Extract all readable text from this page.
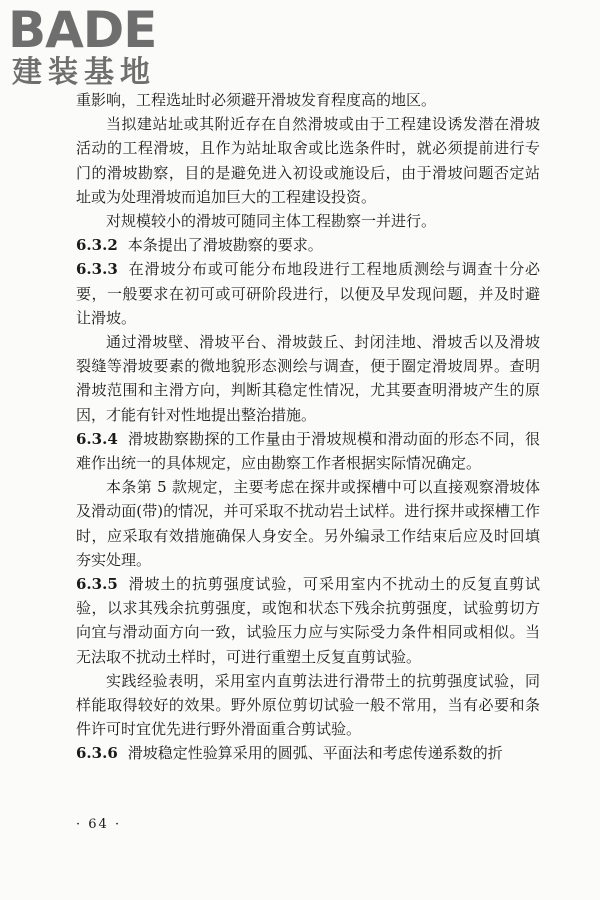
BADE
建装基地

重影响，工程选址时必须避开滑坡发育程度高的地区。

当拟建站址或其附近存在自然滑坡或由于工程建设诱发潜在滑坡活动的工程滑坡，且作为站址取舍或比选条件时，就必须提前进行专门的滑坡勘察，目的是避免进入初设或施设后，由于滑坡问题否定站址或为处理滑坡而追加巨大的工程建设投资。

对规模较小的滑坡可随同主体工程勘察一并进行。

6.3.2 本条提出了滑坡勘察的要求。

6.3.3 在滑坡分布或可能分布地段进行工程地质测绘与调查十分必要，一般要求在初可或可研阶段进行，以便及早发现问题，并及时避让滑坡。

通过滑坡壁、滑坡平台、滑坡鼓丘、封闭洼地、滑坡舌以及滑坡裂缝等滑坡要素的微地貌形态测绘与调查，便于圈定滑坡周界。查明滑坡范围和主滑方向，判断其稳定性情况，尤其要查明滑坡产生的原因，才能有针对性地提出整治措施。

6.3.4 滑坡勘察勘探的工作量由于滑坡规模和滑动面的形态不同，很难作出统一的具体规定，应由勘察工作者根据实际情况确定。

本条第 5 款规定，主要考虑在探井或探槽中可以直接观察滑坡体及滑动面(带)的情况，并可采取不扰动岩土试样。进行探井或探槽工作时，应采取有效措施确保人身安全。另外编录工作结束后应及时回填夯实处理。

6.3.5 滑坡土的抗剪强度试验，可采用室内不扰动土的反复直剪试验，以求其残余抗剪强度，或饱和状态下残余抗剪强度，试验剪切方向宜与滑动面方向一致，试验压力应与实际受力条件相同或相似。当无法取不扰动土样时，可进行重塑土反复直剪试验。

实践经验表明，采用室内直剪法进行滑带土的抗剪强度试验，同样能取得较好的效果。野外原位剪切试验一般不常用，当有必要和条件许可时宜优先进行野外滑面重合剪试验。

6.3.6 滑坡稳定性验算采用的圆弧、平面法和考虑传递系数的折

· 64 ·
